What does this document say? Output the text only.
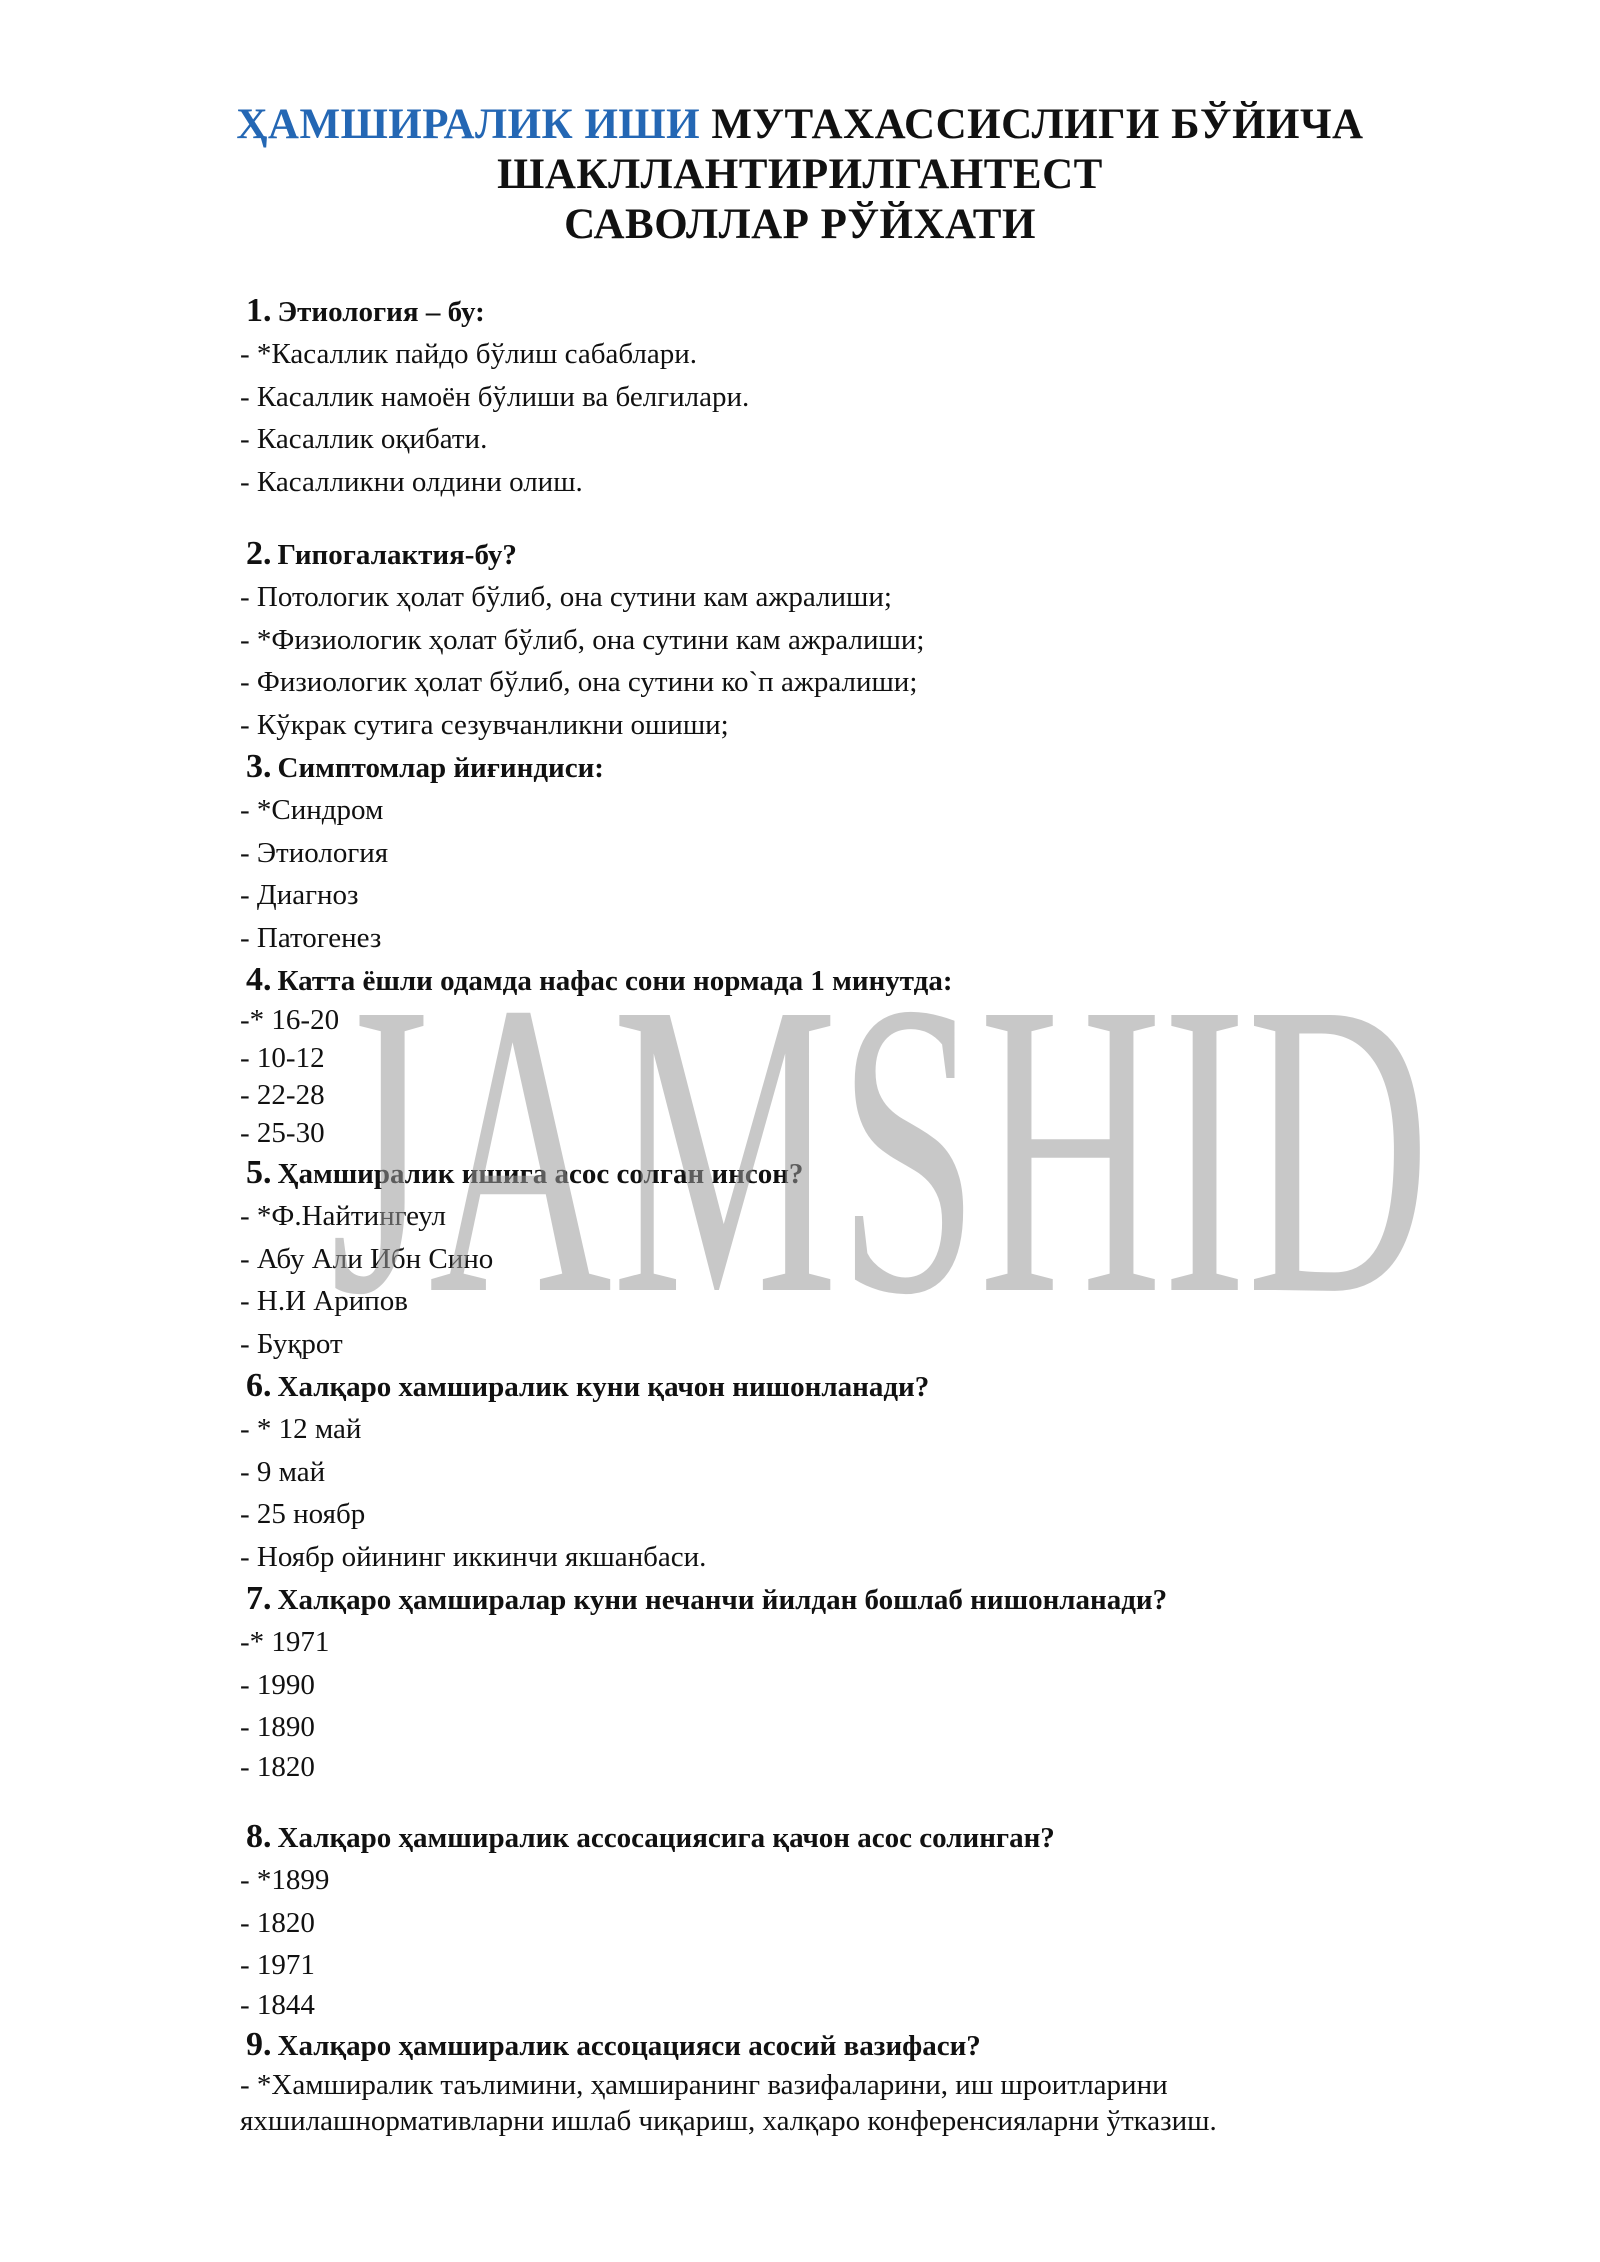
ҲАМШИРАЛИК ИШИ МУТАХАССИСЛИГИ БЎЙИЧА
ШАКЛЛАНТИРИЛГАНТЕСТ
САВОЛЛАР РЎЙХАТИ
1. Этиология – бу:
- *Касаллик пайдо бўлиш сабаблари.
- Касаллик намоён бўлиши ва белгилари.
- Касаллик оқибати.
- Касалликни олдини олиш.
2. Гипогалактия-бу?
- Потологик ҳолат бўлиб, она сутини кам ажралиши;
- *Физиологик ҳолат бўлиб, она сутини кам ажралиши;
- Физиологик ҳолат бўлиб, она сутини ко`п ажралиши;
- Кўкрак сутига сезувчанликни ошиши;
3. Симптомлар йиғиндиси:
- *Синдром
- Этиология
- Диагноз
- Патогенез
4. Катта ёшли одамда нафас сони нормада 1 минутда:
-* 16-20
- 10-12
- 22-28
- 25-30
5. Ҳамширалик ишига асос солган инсон?
- *Ф.Найтингеул
- Абу Али Ибн Сино
- Н.И Арипов
- Буқрот
6. Халқаро хамширалик куни қачон нишонланади?
- * 12 май
- 9 май
- 25 ноябр
- Ноябр ойининг иккинчи якшанбаси.
7. Халқаро ҳамширалар куни нечанчи йилдан бошлаб нишонланади?
-* 1971
- 1990
- 1890
- 1820
8. Халқаро ҳамширалик ассосациясига қачон асос солинган?
- *1899
- 1820
- 1971
- 1844
9. Халқаро ҳамширалик ассоцацияси асосий вазифаси?
- *Хамширалик таълимини, ҳамширанинг вазифаларини, иш шроитларини яхшилашнормативларни ишлаб чиқариш, халқаро конференсияларни ўтказиш.
JAMSHID
